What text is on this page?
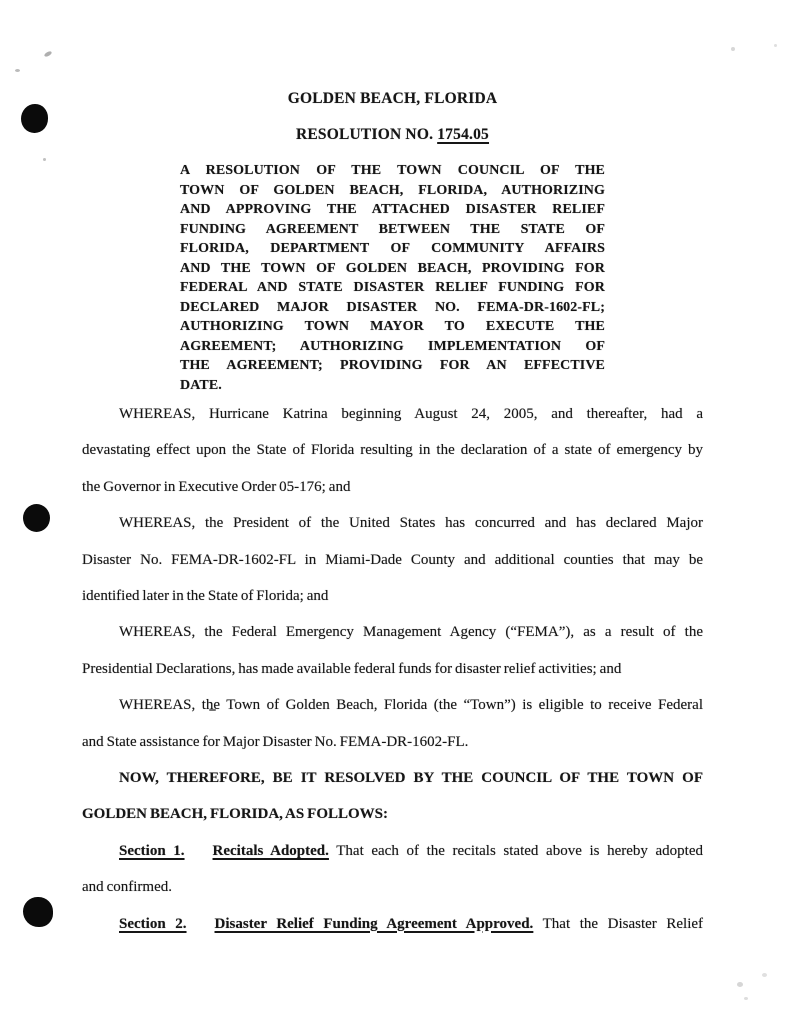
GOLDEN BEACH, FLORIDA
RESOLUTION NO. 1754.05
A RESOLUTION OF THE TOWN COUNCIL OF THE
TOWN OF GOLDEN BEACH, FLORIDA, AUTHORIZING
AND APPROVING THE ATTACHED DISASTER RELIEF
FUNDING AGREEMENT BETWEEN THE STATE OF
FLORIDA, DEPARTMENT OF COMMUNITY AFFAIRS
AND THE TOWN OF GOLDEN BEACH, PROVIDING FOR
FEDERAL AND STATE DISASTER RELIEF FUNDING FOR
DECLARED MAJOR DISASTER NO. FEMA-DR-1602-FL;
AUTHORIZING TOWN MAYOR TO EXECUTE THE
AGREEMENT; AUTHORIZING IMPLEMENTATION OF
THE AGREEMENT; PROVIDING FOR AN EFFECTIVE
DATE.
WHEREAS, Hurricane Katrina beginning August 24, 2005, and thereafter, had a
devastating effect upon the State of Florida resulting in the declaration of a state of emergency by
the Governor in Executive Order 05-176; and
WHEREAS, the President of the United States has concurred and has declared Major
Disaster No. FEMA-DR-1602-FL in Miami-Dade County and additional counties that may be
identified later in the State of Florida; and
WHEREAS, the Federal Emergency Management Agency (“FEMA”), as a result of the
Presidential Declarations, has made available federal funds for disaster relief activities; and
WHEREAS, the Town of Golden Beach, Florida (the “Town”) is eligible to receive Federal
and State assistance for Major Disaster No. FEMA-DR-1602-FL.
NOW, THEREFORE, BE IT RESOLVED BY THE COUNCIL OF THE TOWN OF
GOLDEN BEACH, FLORIDA, AS FOLLOWS:
Section 1. Recitals Adopted. That each of the recitals stated above is hereby adopted
and confirmed.
Section 2. Disaster Relief Funding Agreement Approved. That the Disaster Relief
